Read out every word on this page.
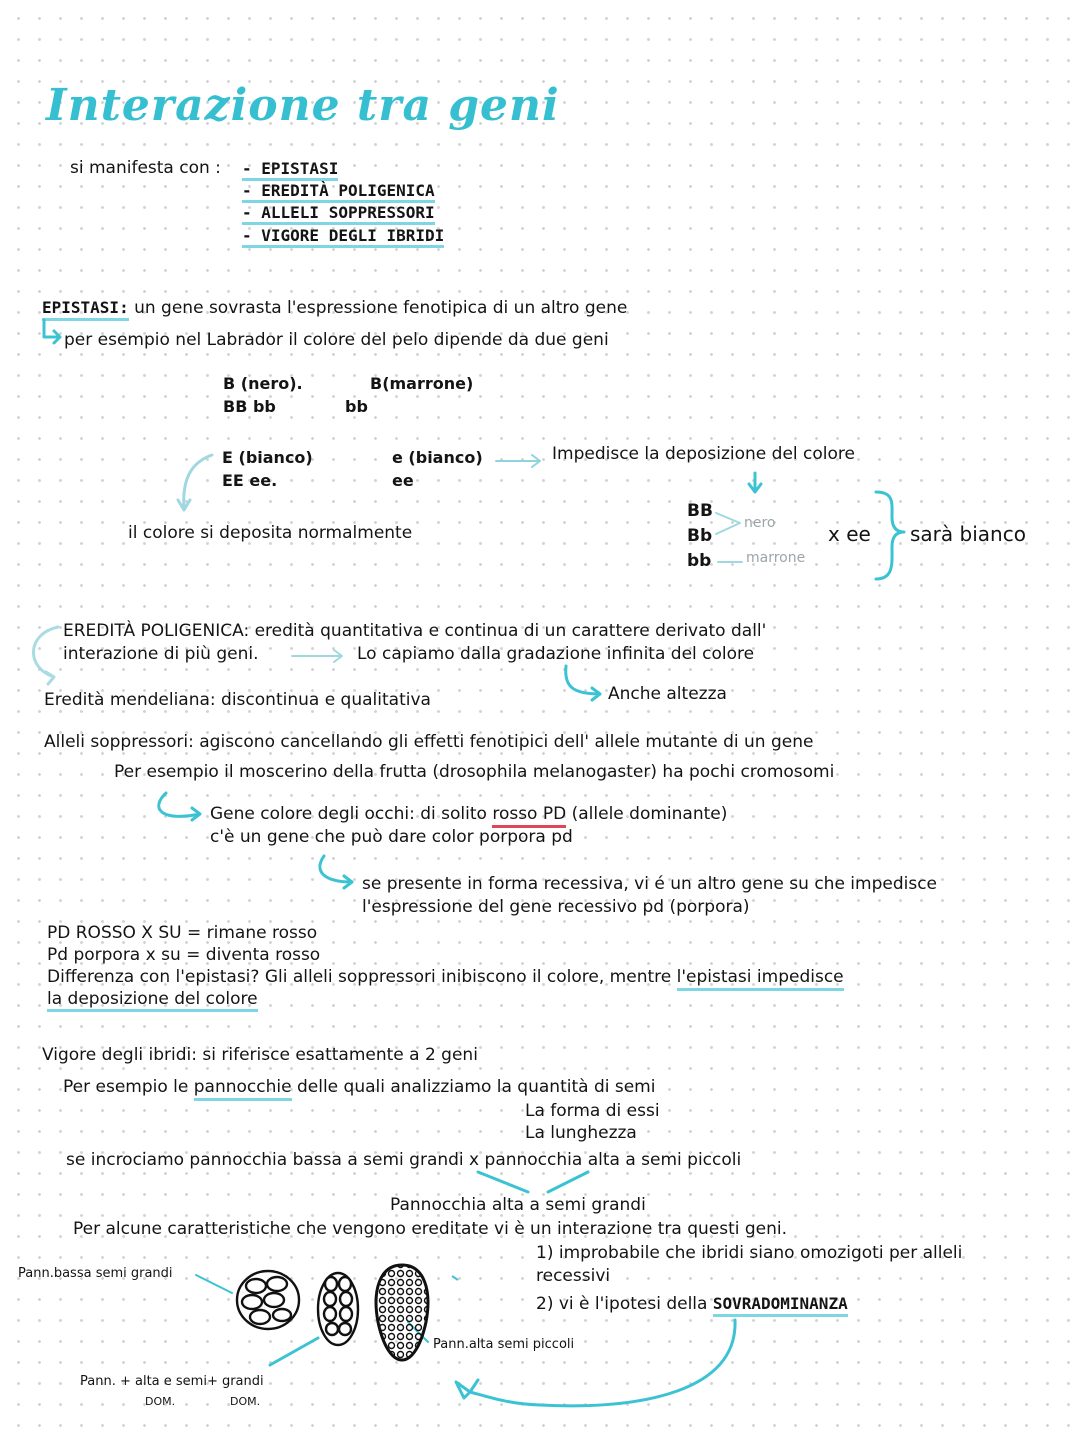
Interazione tra geni
si manifesta con : - EPISTASI
- EREDITÀ POLIGENICA
- ALLELI SOPPRESSORI
- VIGORE DEGLI IBRIDI
EPISTASI: un gene sovrasta l'espressione fenotipica di un altro gene
per esempio nel Labrador il colore del pelo dipende da due geni
B (nero).
BB bb
B(marrone)
bb
E (bianco)
EE ee.
e (bianco)
ee
Impedisce la deposizione del colore
il colore si deposita normalmente
BB
Bb
bb
nero
marrone
x ee sarà bianco
EREDITÀ POLIGENICA: eredità quantitativa e continua di un carattere derivato dall'
interazione di più geni.	Lo capiamo dalla gradazione infinita del colore
Anche altezza
Eredità mendeliana: discontinua e qualitativa
Alleli soppressori: agiscono cancellando gli effetti fenotipici dell' allele mutante di un gene
Per esempio il moscerino della frutta (drosophila melanogaster) ha pochi cromosomi
Gene colore degli occhi: di solito rosso PD (allele dominante)
c'è un gene che può dare color porpora pd
se presente in forma recessiva, vi é un altro gene su che impedisce
l'espressione del gene recessivo pd (porpora)
PD ROSSO X SU = rimane rosso
Pd porpora x su = diventa rosso
Differenza con l'epistasi? Gli alleli soppressori inibiscono il colore, mentre l'epistasi impedisce
la deposizione del colore
Vigore degli ibridi: si riferisce esattamente a 2 geni
Per esempio le pannocchie delle quali analizziamo la quantità di semi
La forma di essi
La lunghezza
se incrociamo pannocchia bassa a semi grandi x pannocchia alta a semi piccoli
Pannocchia alta a semi grandi
Per alcune caratteristiche che vengono ereditate vi è un interazione tra questi geni.
1) improbabile che ibridi siano omozigoti per alleli
recessivi
2) vi è l'ipotesi della SOVRADOMINANZA
Pann.bassa semi grandi
Pann.alta semi piccoli
Pann. + alta e semi+ grandi
DOM.	DOM.
